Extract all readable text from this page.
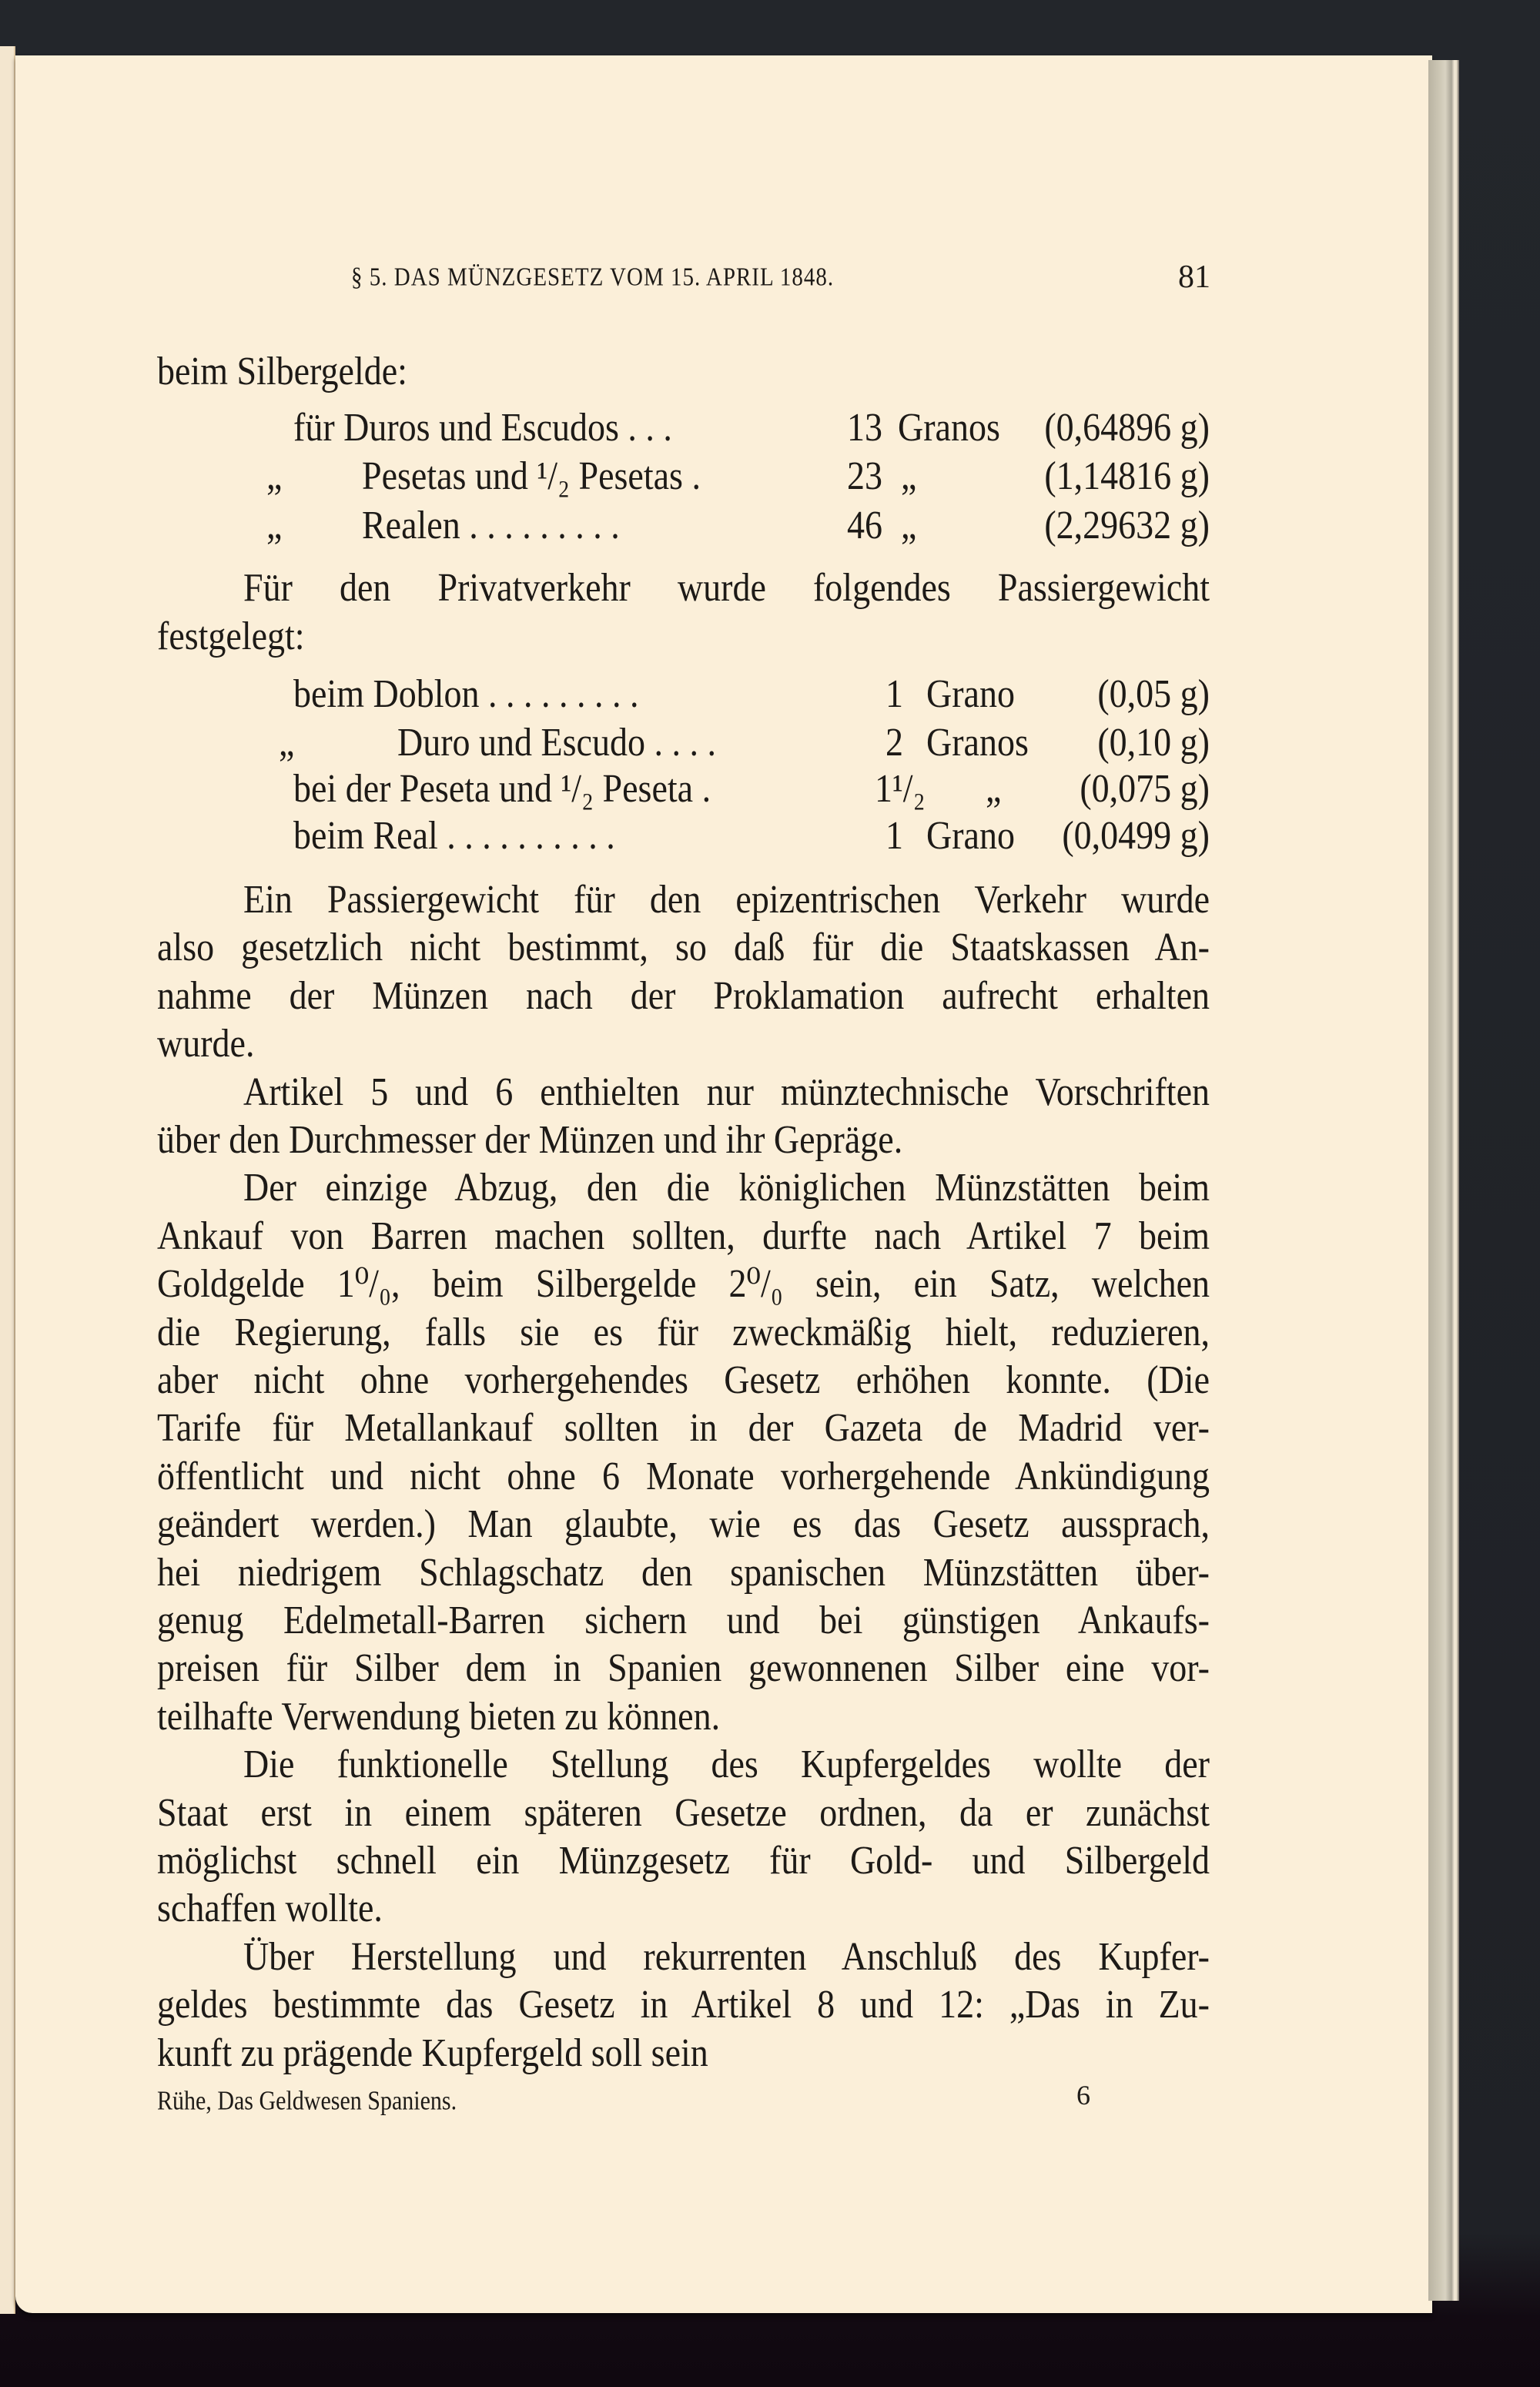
§ 5. DAS MÜNZGESETZ VOM 15. APRIL 1848.	81
beim Silbergelde:
für Duros und Escudos . . .	13 Granos (0,64896 g)
„ Pesetas und ¹/₂ Pesetas .	23 „	(1,14816 g)
„ Realen . . . . . . . . .	46 „	(2,29632 g)
Für den Privatverkehr wurde folgendes Passiergewicht
festgelegt:
beim Doblon . . . . . . . . .	1 Grano (0,05 g)
„	Duro und Escudo . . . .	2 Granos (0,10 g)
bei der Peseta und ¹/₂ Peseta .	1¹/₂ „ (0,075 g)
beim Real . . . . . . . . . .	1 Grano (0,0499 g)
Ein Passiergewicht für den epizentrischen Verkehr wurde
also gesetzlich nicht bestimmt, so daß für die Staatskassen An-
nahme der Münzen nach der Proklamation aufrecht erhalten
wurde.
Artikel 5 und 6 enthielten nur münztechnische Vorschriften
über den Durchmesser der Münzen und ihr Gepräge.
Der einzige Abzug, den die königlichen Münzstätten beim
Ankauf von Barren machen sollten, durfte nach Artikel 7 beim
Goldgelde 1⁰/₀, beim Silbergelde 2⁰/₀ sein, ein Satz, welchen
die Regierung, falls sie es für zweckmäßig hielt, reduzieren,
aber nicht ohne vorhergehendes Gesetz erhöhen konnte. (Die
Tarife für Metallankauf sollten in der Gazeta de Madrid ver-
öffentlicht und nicht ohne 6 Monate vorhergehende Ankündigung
geändert werden.) Man glaubte, wie es das Gesetz aussprach,
hei niedrigem Schlagschatz den spanischen Münzstätten über-
genug Edelmetall-Barren sichern und bei günstigen Ankaufs-
preisen für Silber dem in Spanien gewonnenen Silber eine vor-
teilhafte Verwendung bieten zu können.
Die funktionelle Stellung des Kupfergeldes wollte der
Staat erst in einem späteren Gesetze ordnen, da er zunächst
möglichst schnell ein Münzgesetz für Gold- und Silbergeld
schaffen wollte.
Über Herstellung und rekurrenten Anschluß des Kupfer-
geldes bestimmte das Gesetz in Artikel 8 und 12: „Das in Zu-
kunft zu prägende Kupfergeld soll sein
Rühe, Das Geldwesen Spaniens.	6
